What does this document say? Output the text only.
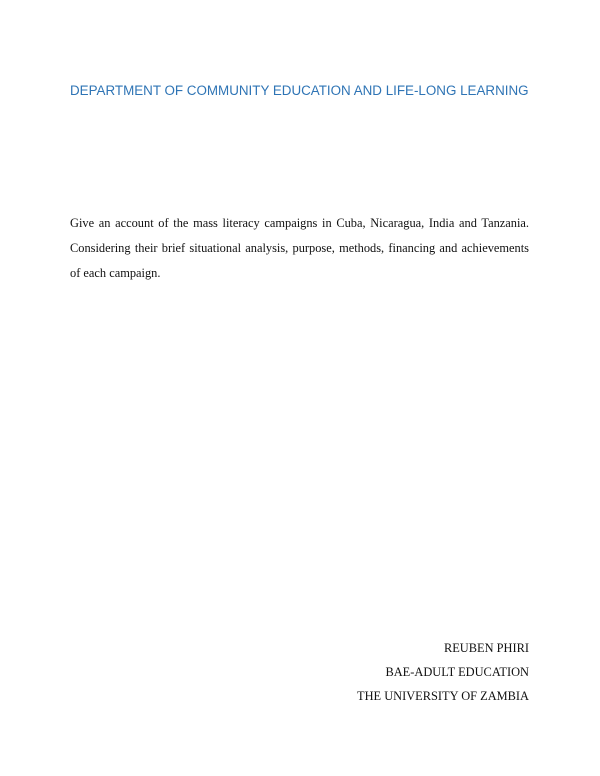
DEPARTMENT OF COMMUNITY EDUCATION AND LIFE-LONG LEARNING

Give an account of the mass literacy campaigns in Cuba, Nicaragua, India and Tanzania. Considering their brief situational analysis, purpose, methods, financing and achievements of each campaign.

REUBEN PHIRI
BAE-ADULT EDUCATION
THE UNIVERSITY OF ZAMBIA
